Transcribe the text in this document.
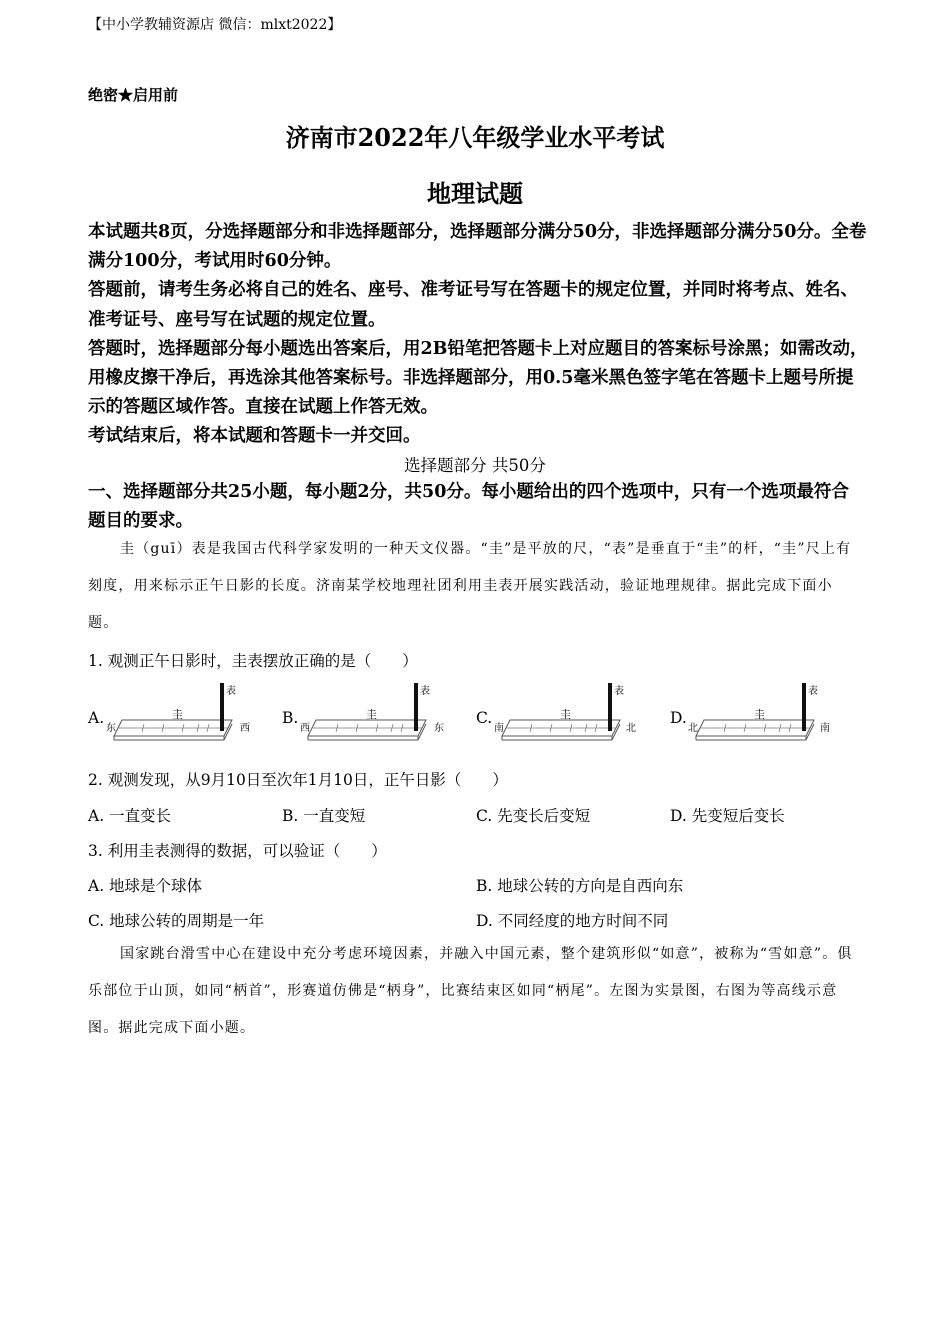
【中小学教辅资源店 微信：mlxt2022】
绝密★启用前
济南市2022年八年级学业水平考试
地理试题

本试题共8页，分选择题部分和非选择题部分，选择题部分满分50分，非选择题部分满分50分。全卷满分100分，考试用时60分钟。

答题前，请考生务必将自己的姓名、座号、准考证号写在答题卡的规定位置，并同时将考点、姓名、准考证号、座号写在试题的规定位置。

答题时，选择题部分每小题选出答案后，用2B铅笔把答题卡上对应题目的答案标号涂黑；如需改动，用橡皮擦干净后，再选涂其他答案标号。非选择题部分，用0.5毫米黑色签字笔在答题卡上题号所提示的答题区域作答。直接在试题上作答无效。

考试结束后，将本试题和答题卡一并交回。

选择题部分 共50分
一、选择题部分共25小题，每小题2分，共50分。每小题给出的四个选项中，只有一个选项最符合题目的要求。
圭（guī）表是我国古代科学家发明的一种天文仪器。“圭”是平放的尺，“表”是垂直于“圭”的杆，“圭”尺上有刻度，用来标示正午日影的长度。济南某学校地理社团利用圭表开展实践活动，验证地理规律。据此完成下面小题。
1. 观测正午日影时，圭表摆放正确的是（　　）
A.	B.	C.	D.
圭
表
东	西
圭
表
西	东
圭
表
南	北
圭
表
北	南
2. 观测发现，从9月10日至次年1月10日，正午日影（　　）
A. 一直变长	B. 一直变短	C. 先变长后变短	D. 先变短后变长
3. 利用圭表测得的数据，可以验证（　　）
A. 地球是个球体	B. 地球公转的方向是自西向东
C. 地球公转的周期是一年	D. 不同经度的地方时间不同
国家跳台滑雪中心在建设中充分考虑环境因素，并融入中国元素，整个建筑形似“如意”，被称为“雪如意”。俱乐部位于山顶，如同“柄首”，形赛道仿佛是“柄身”，比赛结束区如同“柄尾”。左图为实景图，右图为等高线示意图。据此完成下面小题。
